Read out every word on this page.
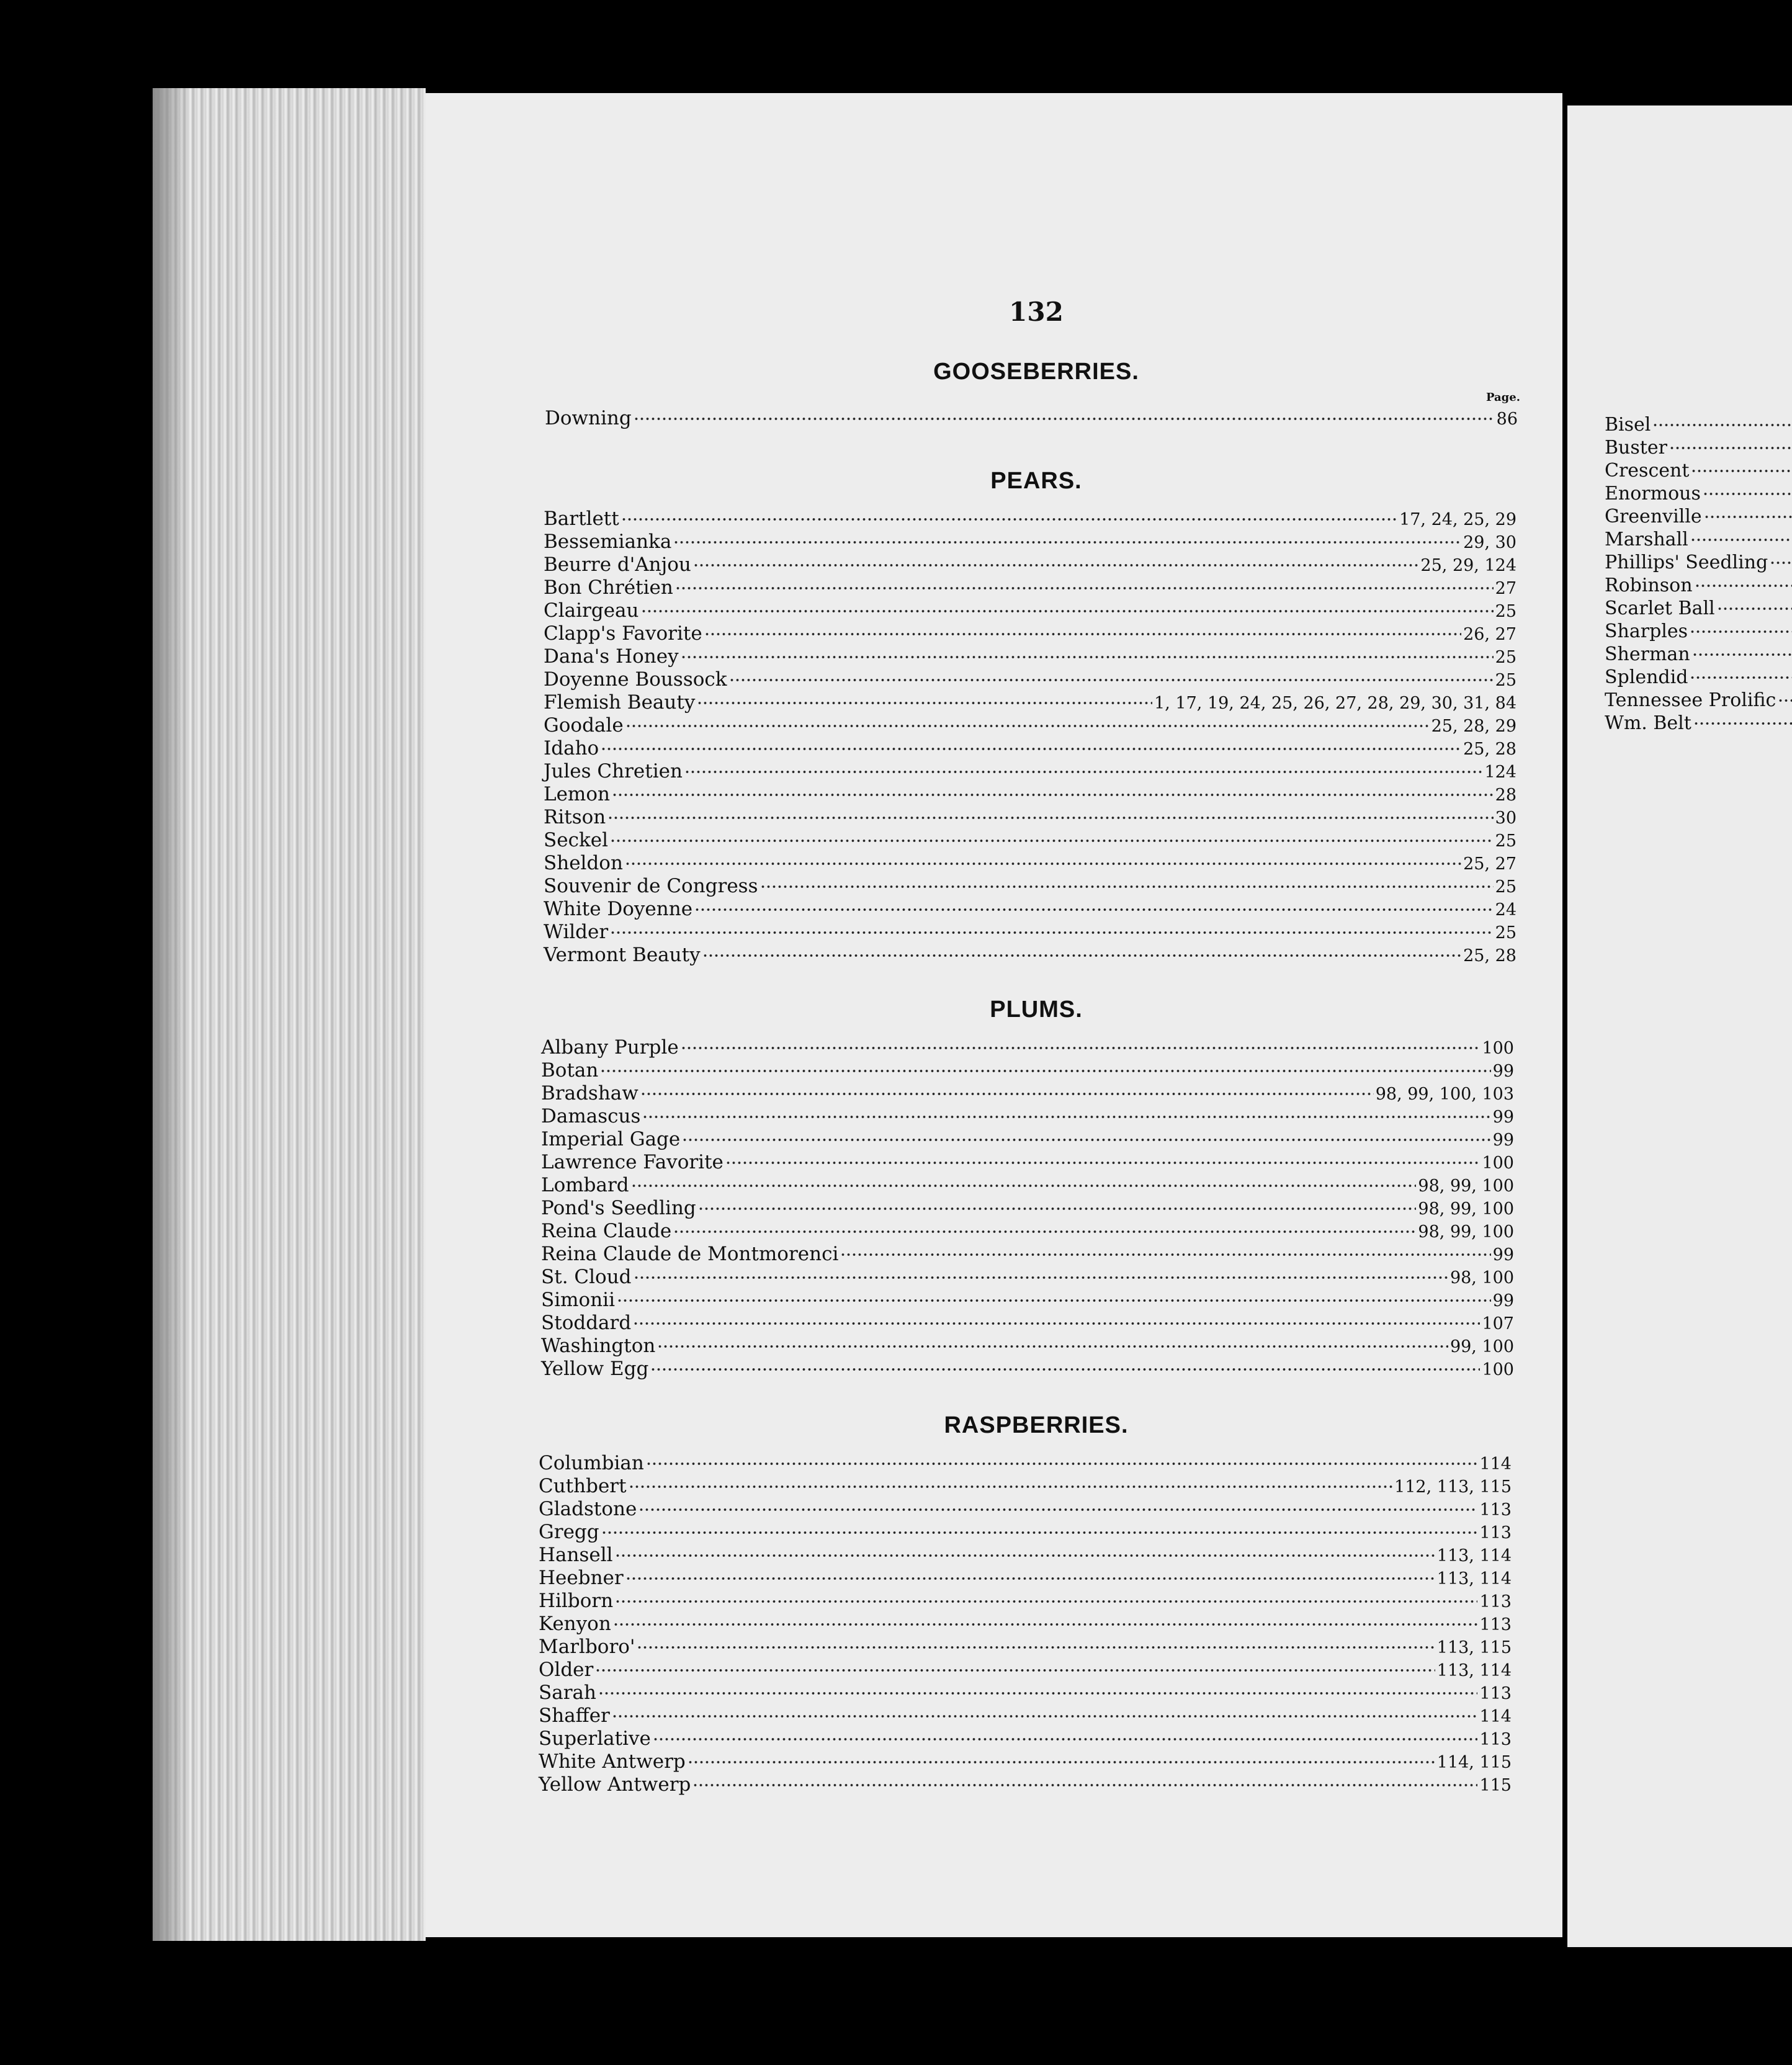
132
GOOSEBERRIES.
Page.
Downing	86
PEARS.
Bartlett	17, 24, 25, 29
Bessemianka	29, 30
Beurre d'Anjou	25, 29, 124
Bon Chrétien	27
Clairgeau	25
Clapp's Favorite	26, 27
Dana's Honey	25
Doyenne Boussock	25
Flemish Beauty	1, 17, 19, 24, 25, 26, 27, 28, 29, 30, 31, 84
Goodale	25, 28, 29
Idaho	25, 28
Jules Chretien	124
Lemon	28
Ritson	30
Seckel	25
Sheldon	25, 27
Souvenir de Congress	25
White Doyenne	24
Wilder	25
Vermont Beauty	25, 28
PLUMS.
Albany Purple	100
Botan	99
Bradshaw	98, 99, 100, 103
Damascus	99
Imperial Gage	99
Lawrence Favorite	100
Lombard	98, 99, 100
Pond's Seedling	98, 99, 100
Reina Claude	98, 99, 100
Reina Claude de Montmorenci	99
St. Cloud	98, 100
Simonii	99
Stoddard	107
Washington	99, 100
Yellow Egg	100
RASPBERRIES.
Columbian	114
Cuthbert	112, 113, 115
Gladstone	113
Gregg	113
Hansell	113, 114
Heebner	113, 114
Hilborn	113
Kenyon	113
Marlboro'	113, 115
Older	113, 114
Sarah	113
Shaffer	114
Superlative	113
White Antwerp	114, 115
Yellow Antwerp	115
Bisel
Buster
Crescent
Enormous
Greenville
Marshall
Phillips' Seedling
Robinson
Scarlet Ball
Sharples
Sherman
Splendid
Tennessee Prolific
Wm. Belt
